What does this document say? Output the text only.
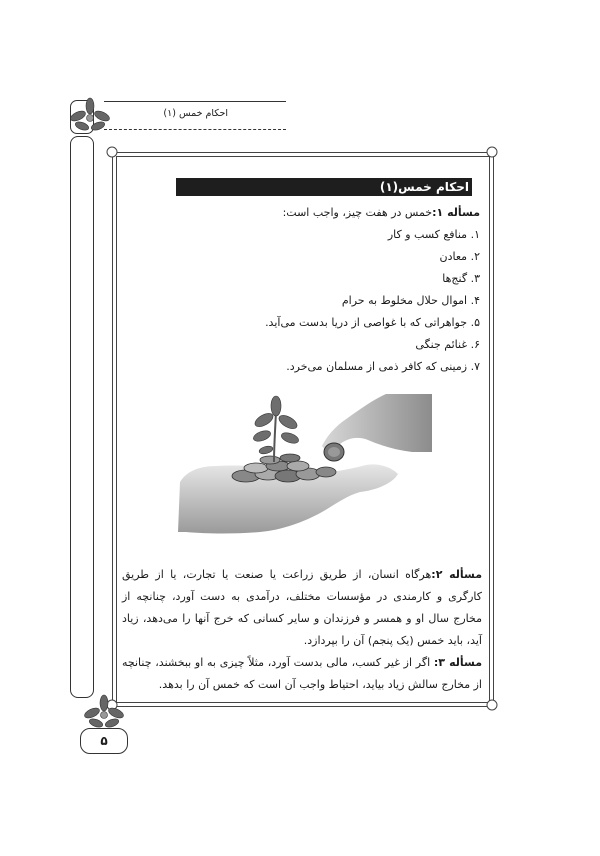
احکام خمس (۱)
احکام خمس(۱)
مسأله ۱:خمس در هفت چیز، واجب است:
۱. منافع کسب و کار
۲. معادن
۳. گنج‌ها
۴. اموال حلال مخلوط به حرام
۵. جواهراتی که با غواصی از دریا بدست می‌آید.
۶. غنائم جنگی
۷. زمینی که کافر ذمی از مسلمان می‌خرد.
مسأله ۲:هرگاه انسان، از طریق زراعت یا صنعت یا تجارت، یا از طریق کارگری و کارمندی در مؤسسات مختلف، درآمدی به دست آورد، چنانچه از مخارج سال او و همسر و فرزندان و سایر کسانی که خرج آنها را می‌دهد، زیاد آید، باید خمس (یک پنجم) آن را بپردازد.
مسأله ۳: اگر از غیر کسب، مالی بدست آورد، مثلاً چیزی به او ببخشند، چنانچه از مخارج سالش زیاد بیاید، احتیاط واجب آن است که خمس آن را بدهد.
۵
